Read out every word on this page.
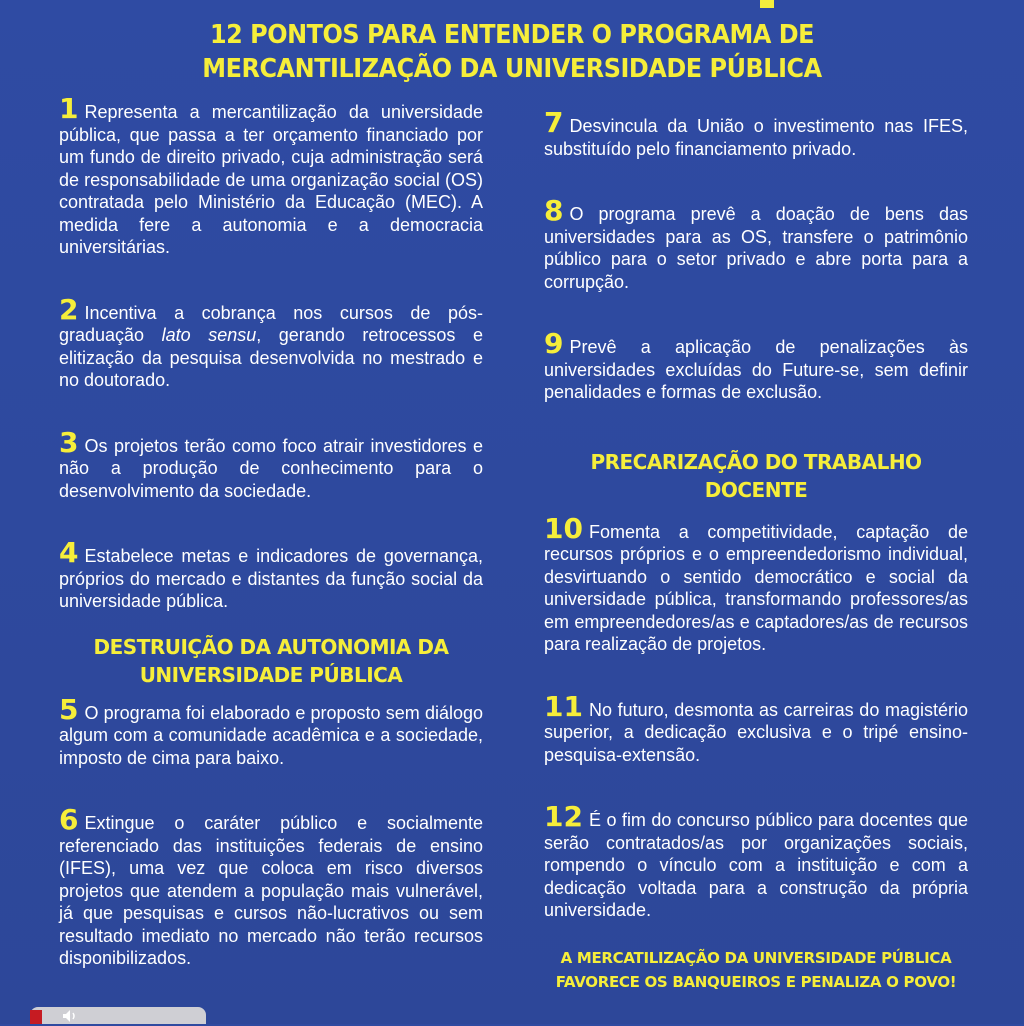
12 PONTOS PARA ENTENDER O PROGRAMA DE
MERCANTILIZAÇÃO DA UNIVERSIDADE PÚBLICA
1 Representa a mercantilização da universidade pública, que passa a ter orçamento financiado por um fundo de direito privado, cuja administração será de responsabilidade de uma organização social (OS) contratada pelo Ministério da Educação (MEC). A medida fere a autonomia e a democracia universitárias.
2 Incentiva a cobrança nos cursos de pós-graduação lato sensu, gerando retrocessos e elitização da pesquisa desenvolvida no mestrado e no doutorado.
3 Os projetos terão como foco atrair investidores e não a produção de conhecimento para o desenvolvimento da sociedade.
4 Estabelece metas e indicadores de governança, próprios do mercado e distantes da função social da universidade pública.
DESTRUIÇÃO DA AUTONOMIA DA
UNIVERSIDADE PÚBLICA
5 O programa foi elaborado e proposto sem diálogo algum com a comunidade acadêmica e a sociedade, imposto de cima para baixo.
6 Extingue o caráter público e socialmente referenciado das instituições federais de ensino (IFES), uma vez que coloca em risco diversos projetos que atendem a população mais vulnerável, já que pesquisas e cursos não-lucrativos ou sem resultado imediato no mercado não terão recursos disponibilizados.
7 Desvincula da União o investimento nas IFES, substituído pelo financiamento privado.
8 O programa prevê a doação de bens das universidades para as OS, transfere o patrimônio público para o setor privado e abre porta para a corrupção.
9 Prevê a aplicação de penalizações às universidades excluídas do Future-se, sem definir penalidades e formas de exclusão.
PRECARIZAÇÃO DO TRABALHO DOCENTE
10 Fomenta a competitividade, captação de recursos próprios e o empreendedorismo individual, desvirtuando o sentido democrático e social da universidade pública, transformando professores/as em empreendedores/as e captadores/as de recursos para realização de projetos.
11 No futuro, desmonta as carreiras do magistério superior, a dedicação exclusiva e o tripé ensino-pesquisa-extensão.
12 É o fim do concurso público para docentes que serão contratados/as por organizações sociais, rompendo o vínculo com a instituição e com a dedicação voltada para a construção da própria universidade.
A MERCATILIZAÇÃO DA UNIVERSIDADE PÚBLICA
FAVORECE OS BANQUEIROS E PENALIZA O POVO!
